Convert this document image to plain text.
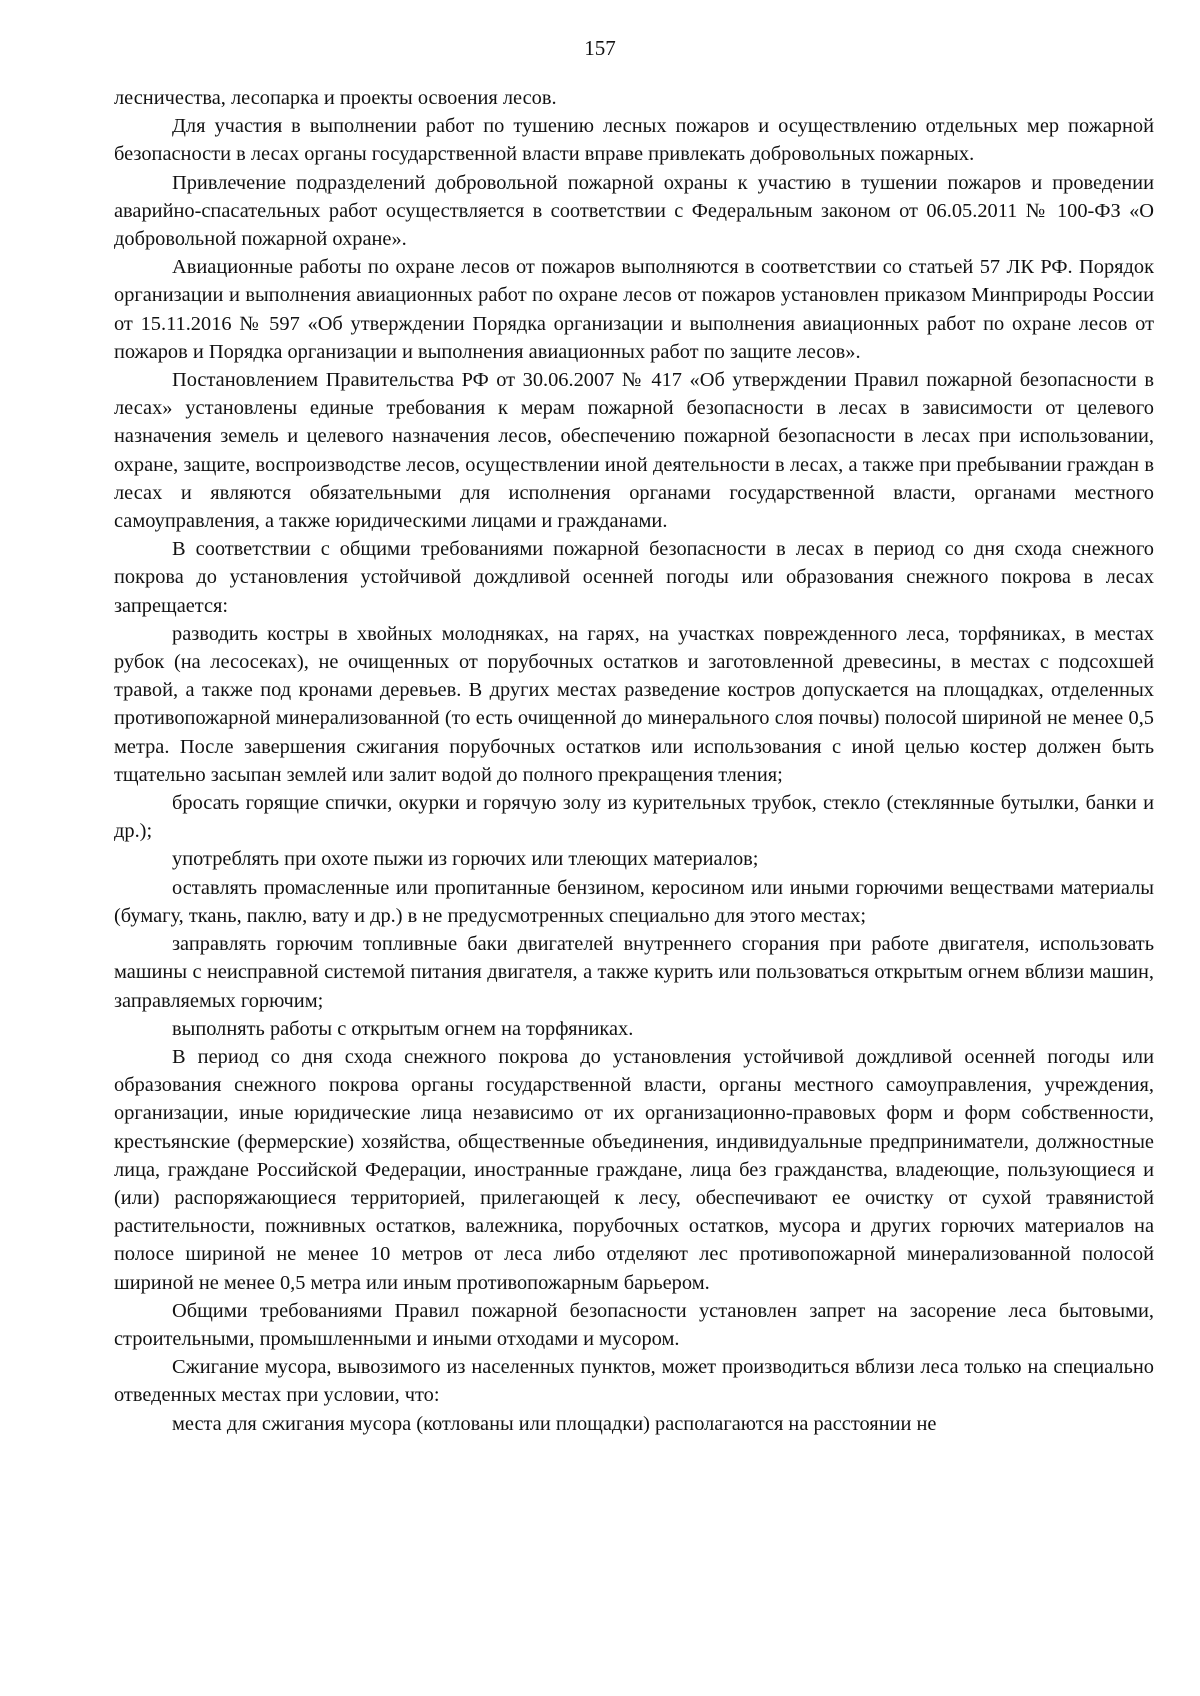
157

лесничества, лесопарка и проекты освоения лесов.

Для участия в выполнении работ по тушению лесных пожаров и осуществлению отдельных мер пожарной безопасности в лесах органы государственной власти вправе привлекать добровольных пожарных.

Привлечение подразделений добровольной пожарной охраны к участию в тушении пожаров и проведении аварийно-спасательных работ осуществляется в соответствии с Федеральным законом от 06.05.2011 № 100-ФЗ «О добровольной пожарной охране».

Авиационные работы по охране лесов от пожаров выполняются в соответствии со статьей 57 ЛК РФ. Порядок организации и выполнения авиационных работ по охране лесов от пожаров установлен приказом Минприроды России от 15.11.2016 № 597 «Об утверждении Порядка организации и выполнения авиационных работ по охране лесов от пожаров и Порядка организации и выполнения авиационных работ по защите лесов».

Постановлением Правительства РФ от 30.06.2007 № 417 «Об утверждении Правил пожарной безопасности в лесах» установлены единые требования к мерам пожарной безопасности в лесах в зависимости от целевого назначения земель и целевого назначения лесов, обеспечению пожарной безопасности в лесах при использовании, охране, защите, воспроизводстве лесов, осуществлении иной деятельности в лесах, а также при пребывании граждан в лесах и являются обязательными для исполнения органами государственной власти, органами местного самоуправления, а также юридическими лицами и гражданами.

В соответствии с общими требованиями пожарной безопасности в лесах в период со дня схода снежного покрова до установления устойчивой дождливой осенней погоды или образования снежного покрова в лесах запрещается:

разводить костры в хвойных молодняках, на гарях, на участках поврежденного леса, торфяниках, в местах рубок (на лесосеках), не очищенных от порубочных остатков и заготовленной древесины, в местах с подсохшей травой, а также под кронами деревьев. В других местах разведение костров допускается на площадках, отделенных противопожарной минерализованной (то есть очищенной до минерального слоя почвы) полосой шириной не менее 0,5 метра. После завершения сжигания порубочных остатков или использования с иной целью костер должен быть тщательно засыпан землей или залит водой до полного прекращения тления;

бросать горящие спички, окурки и горячую золу из курительных трубок, стекло (стеклянные бутылки, банки и др.);

употреблять при охоте пыжи из горючих или тлеющих материалов;

оставлять промасленные или пропитанные бензином, керосином или иными горючими веществами материалы (бумагу, ткань, паклю, вату и др.) в не предусмотренных специально для этого местах;

заправлять горючим топливные баки двигателей внутреннего сгорания при работе двигателя, использовать машины с неисправной системой питания двигателя, а также курить или пользоваться открытым огнем вблизи машин, заправляемых горючим;

выполнять работы с открытым огнем на торфяниках.

В период со дня схода снежного покрова до установления устойчивой дождливой осенней погоды или образования снежного покрова органы государственной власти, органы местного самоуправления, учреждения, организации, иные юридические лица независимо от их организационно-правовых форм и форм собственности, крестьянские (фермерские) хозяйства, общественные объединения, индивидуальные предприниматели, должностные лица, граждане Российской Федерации, иностранные граждане, лица без гражданства, владеющие, пользующиеся и (или) распоряжающиеся территорией, прилегающей к лесу, обеспечивают ее очистку от сухой травянистой растительности, пожнивных остатков, валежника, порубочных остатков, мусора и других горючих материалов на полосе шириной не менее 10 метров от леса либо отделяют лес противопожарной минерализованной полосой шириной не менее 0,5 метра или иным противопожарным барьером.

Общими требованиями Правил пожарной безопасности установлен запрет на засорение леса бытовыми, строительными, промышленными и иными отходами и мусором.

Сжигание мусора, вывозимого из населенных пунктов, может производиться вблизи леса только на специально отведенных местах при условии, что:

места для сжигания мусора (котлованы или площадки) располагаются на расстоянии не
